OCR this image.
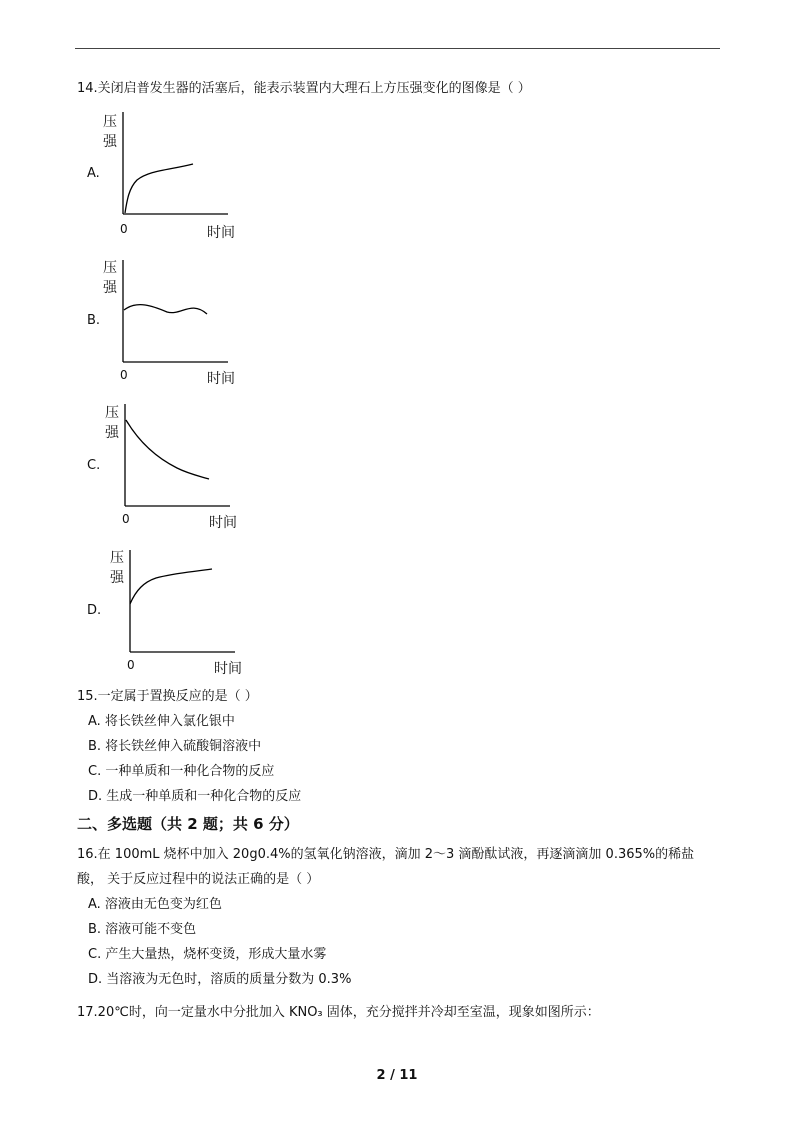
14.关闭启普发生器的活塞后，能表示装置内大理石上方压强变化的图像是（ ）
A.
压强
0	时间
B.
压强
0	时间
C.
压强
0	时间
D.
压强
0	时间
15.一定属于置换反应的是（ ）
A. 将长铁丝伸入氯化银中
B. 将长铁丝伸入硫酸铜溶液中
C. 一种单质和一种化合物的反应
D. 生成一种单质和一种化合物的反应
二、多选题（共 2 题；共 6 分）
16.在 100mL 烧杯中加入 20g0.4%的氢氧化钠溶液，滴加 2～3 滴酚酞试液，再逐滴滴加 0.365%的稀盐
酸， 关于反应过程中的说法正确的是（ ）
A. 溶液由无色变为红色
B. 溶液可能不变色
C. 产生大量热，烧杯变烫，形成大量水雾
D. 当溶液为无色时，溶质的质量分数为 0.3%
17.20℃时，向一定量水中分批加入 KNO₃ 固体，充分搅拌并冷却至室温，现象如图所示：
2 / 11
